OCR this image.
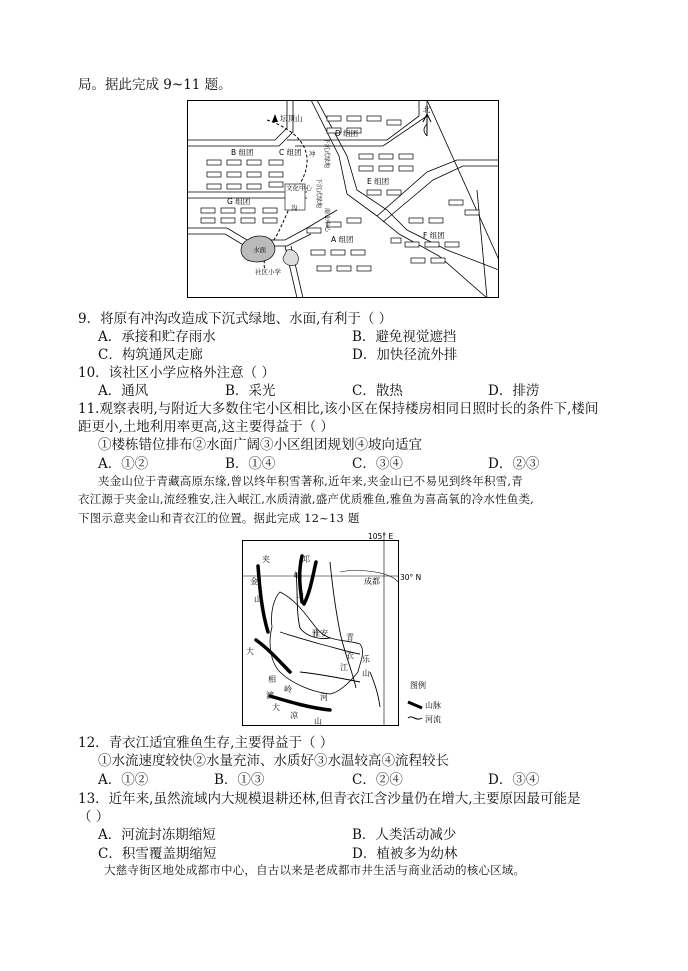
局。据此完成 9~11 题。
坛顶山
北
D 组团
B 组团	C 组团
G 组团
E 组团
A 组团	F 组团
文化中心
水面
社区小学
冲
沟
下沉式绿地
下沉式绿地
商业中心
9．将原有冲沟改造成下沉式绿地、水面,有利于（ ）
A．承接和贮存雨水	B．避免视觉遮挡
C．构筑通风走廊	D．加快径流外排
10．该社区小学应格外注意（ ）
A．通风	B．采光	C．散热	D．排涝
11.观察表明,与附近大多数住宅小区相比,该小区在保持楼房相同日照时长的条件下,楼间
距更小,土地利用率更高,这主要得益于（ ）
①楼栋错位排布②水面广阔③小区组团规划④坡向适宜
A．①②	B．①④	C．③④	D．②③
夹金山位于青藏高原东缘,曾以终年积雪著称,近年来,夹金山已不易见到终年积雪,青
衣江源于夹金山,流经雅安,注入岷江,水质清澈,盛产优质雅鱼,雅鱼为喜高氧的冷水性鱼类,
下图示意夹金山和青衣江的位置。据此完成 12~13 题
图例
山脉
河流
105° E
30° N
夹
金
山
邛
崃
山
成都
雅安 青
衣
江
乐
山
大
相
岭
河
大
凉
山
渡
12．青衣江适宜雅鱼生存,主要得益于（ ）
①水流速度较快②水量充沛、水质好③水温较高④流程较长
A．①②	B．①③	C．②④	D．③④
13．近年来,虽然流域内大规模退耕还林,但青衣江含沙量仍在增大,主要原因最可能是
（ ）
A．河流封冻期缩短	B．人类活动减少
C．积雪覆盖期缩短	D．植被多为幼林
大慈寺街区地处成都市中心，自古以来是老成都市井生活与商业活动的核心区域。
